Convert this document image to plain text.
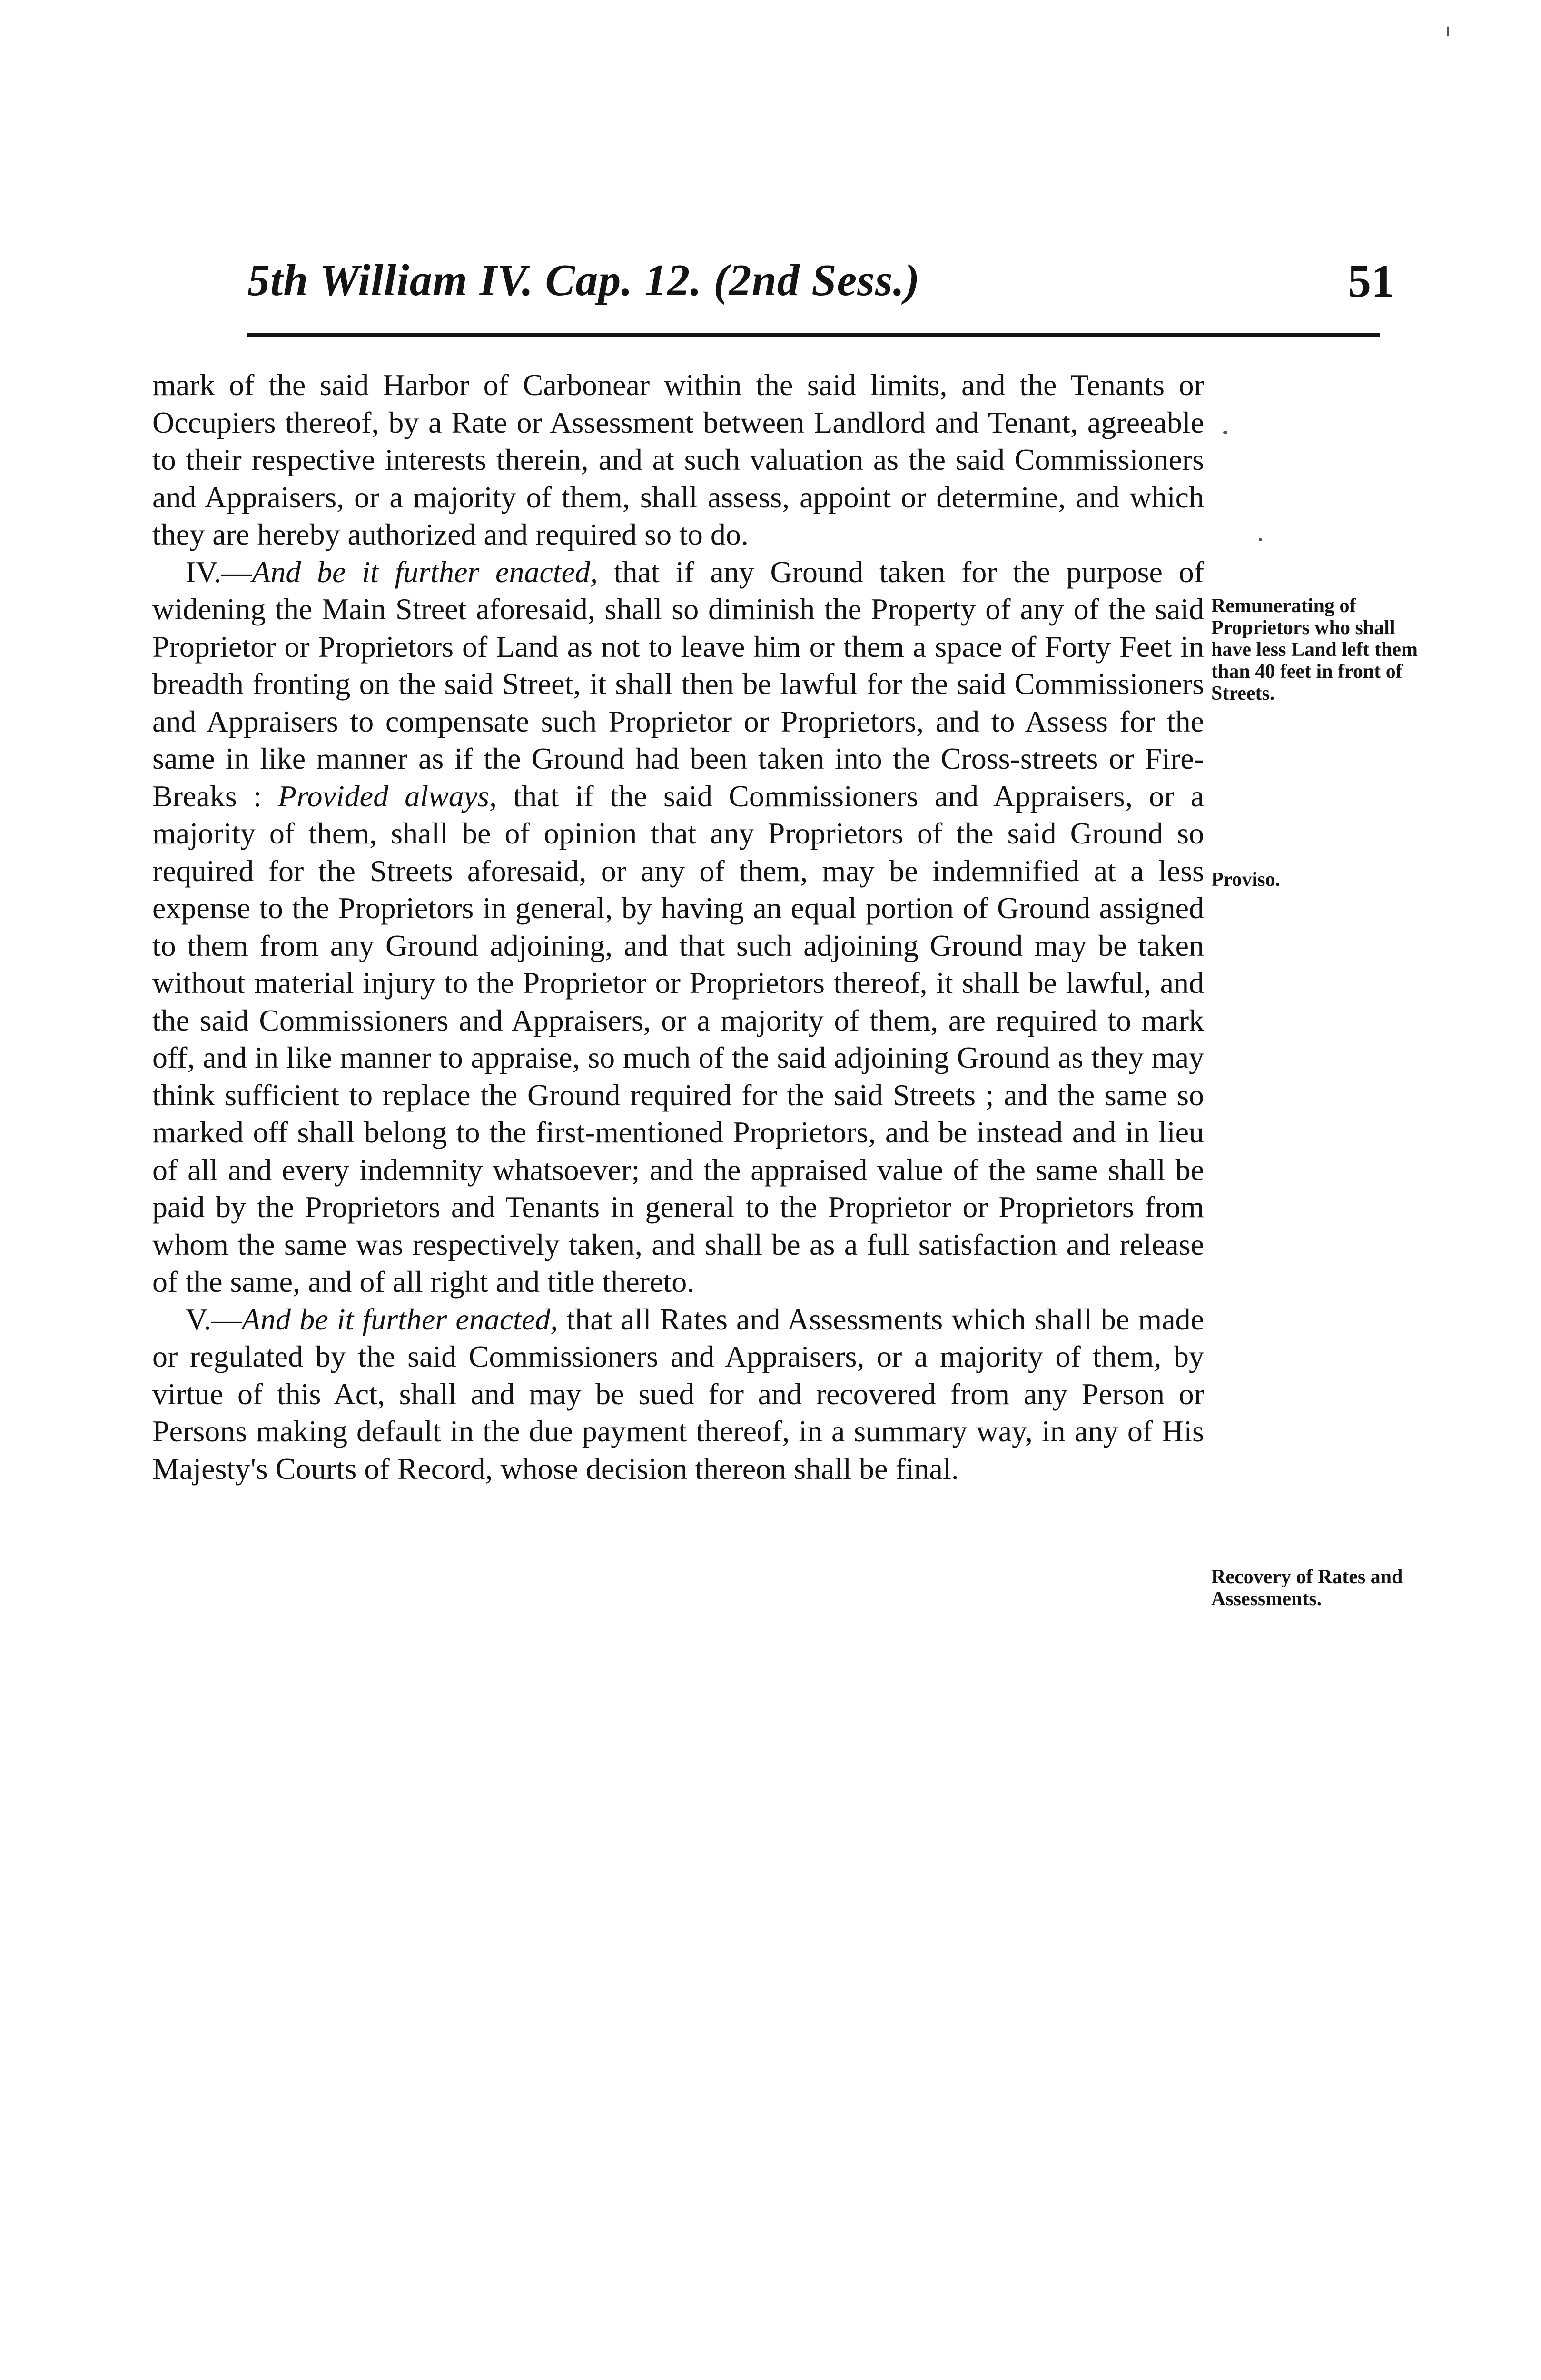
5th William IV. Cap. 12. (2nd Sess.)	51

mark of the said Harbor of Carbonear within the said limits, and the Tenants or Occupiers thereof, by a Rate or Assessment between Landlord and Tenant, agreeable to their respective interests therein, and at such valuation as the said Commissioners and Appraisers, or a majority of them, shall assess, appoint or determine, and which they are hereby authorized and required so to do.

IV.—And be it further enacted, that if any Ground taken for the purpose of widening the Main Street aforesaid, shall so diminish the Property of any of the said Proprietor or Proprietors of Land as not to leave him or them a space of Forty Feet in breadth fronting on the said Street, it shall then be lawful for the said Commissioners and Appraisers to compensate such Proprietor or Proprietors, and to Assess for the same in like manner as if the Ground had been taken into the Cross-streets or Fire-Breaks : Provided always, that if the said Commissioners and Appraisers, or a majority of them, shall be of opinion that any Proprietors of the said Ground so required for the Streets aforesaid, or any of them, may be indemnified at a less expense to the Proprietors in general, by having an equal portion of Ground assigned to them from any Ground adjoining, and that such adjoining Ground may be taken without material injury to the Proprietor or Proprietors thereof, it shall be lawful, and the said Commissioners and Appraisers, or a majority of them, are required to mark off, and in like manner to appraise, so much of the said adjoining Ground as they may think sufficient to replace the Ground required for the said Streets ; and the same so marked off shall belong to the first-mentioned Proprietors, and be instead and in lieu of all and every indemnity whatsoever; and the appraised value of the same shall be paid by the Proprietors and Tenants in general to the Proprietor or Proprietors from whom the same was respectively taken, and shall be as a full satisfaction and release of the same, and of all right and title thereto.

V.—And be it further enacted, that all Rates and Assessments which shall be made or regulated by the said Commissioners and Appraisers, or a majority of them, by virtue of this Act, shall and may be sued for and recovered from any Person or Persons making default in the due payment thereof, in a summary way, in any of His Majesty's Courts of Record, whose decision thereon shall be final.

Remunerating of Proprietors who shall have less Land left them than 40 feet in front of Streets.
Proviso.
Recovery of Rates and Assessments.
